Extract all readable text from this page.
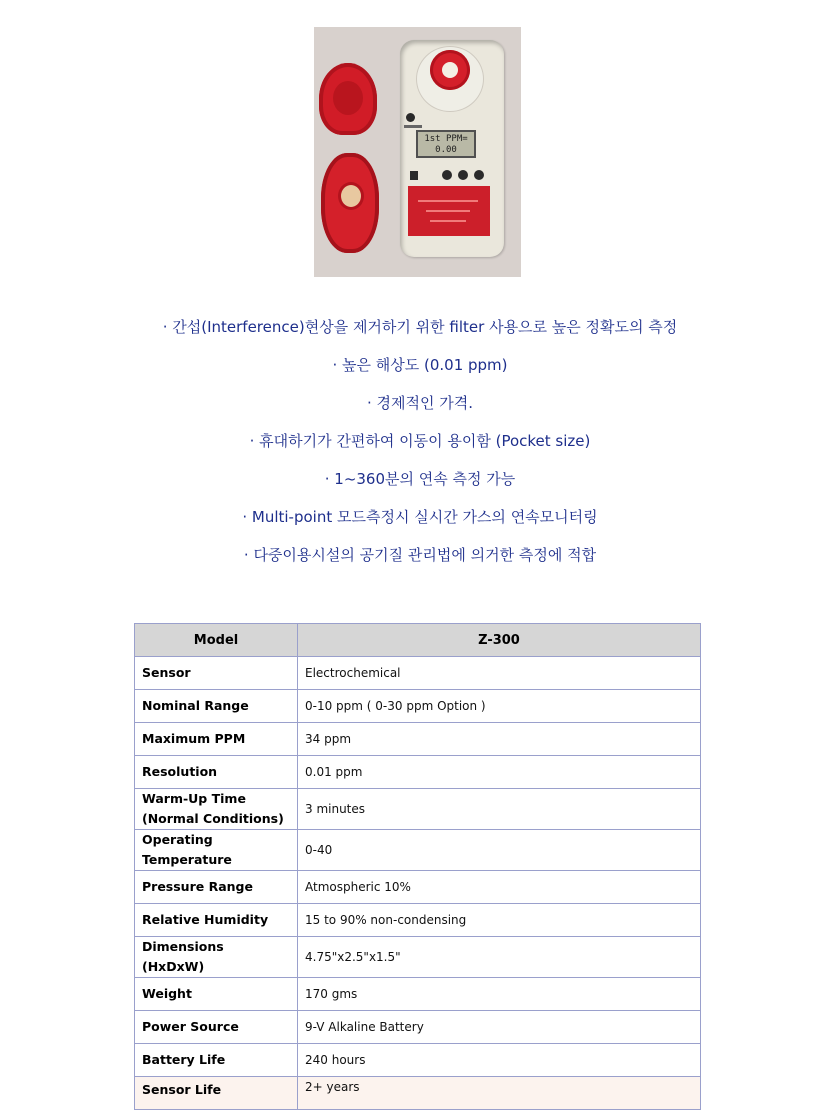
1st PPM=
0.00
· 간섭(Interference)현상을 제거하기 위한 filter 사용으로 높은 정확도의 측정
· 높은 해상도 (0.01 ppm)
· 경제적인 가격.
· 휴대하기가 간편하여 이동이 용이함 (Pocket size)
· 1~360분의 연속 측정 가능
· Multi-point 모드측정시 실시간 가스의 연속모니터링
· 다중이용시설의 공기질 관리법에 의거한 측정에 적합
Model	Z-300
Sensor	Electrochemical
Nominal Range	0-10 ppm ( 0-30 ppm Option )
Maximum PPM	34 ppm
Resolution	0.01 ppm

Warm-Up Time
(Normal Conditions)	3 minutes
Operating Temperature	0-40
Pressure Range	Atmospheric 10%
Relative Humidity	15 to 90% non-condensing
Dimensions (HxDxW)	4.75"x2.5"x1.5"
Weight	170 gms
Power Source	9-V Alkaline Battery
Battery Life	240 hours
Sensor Life	2+ years
